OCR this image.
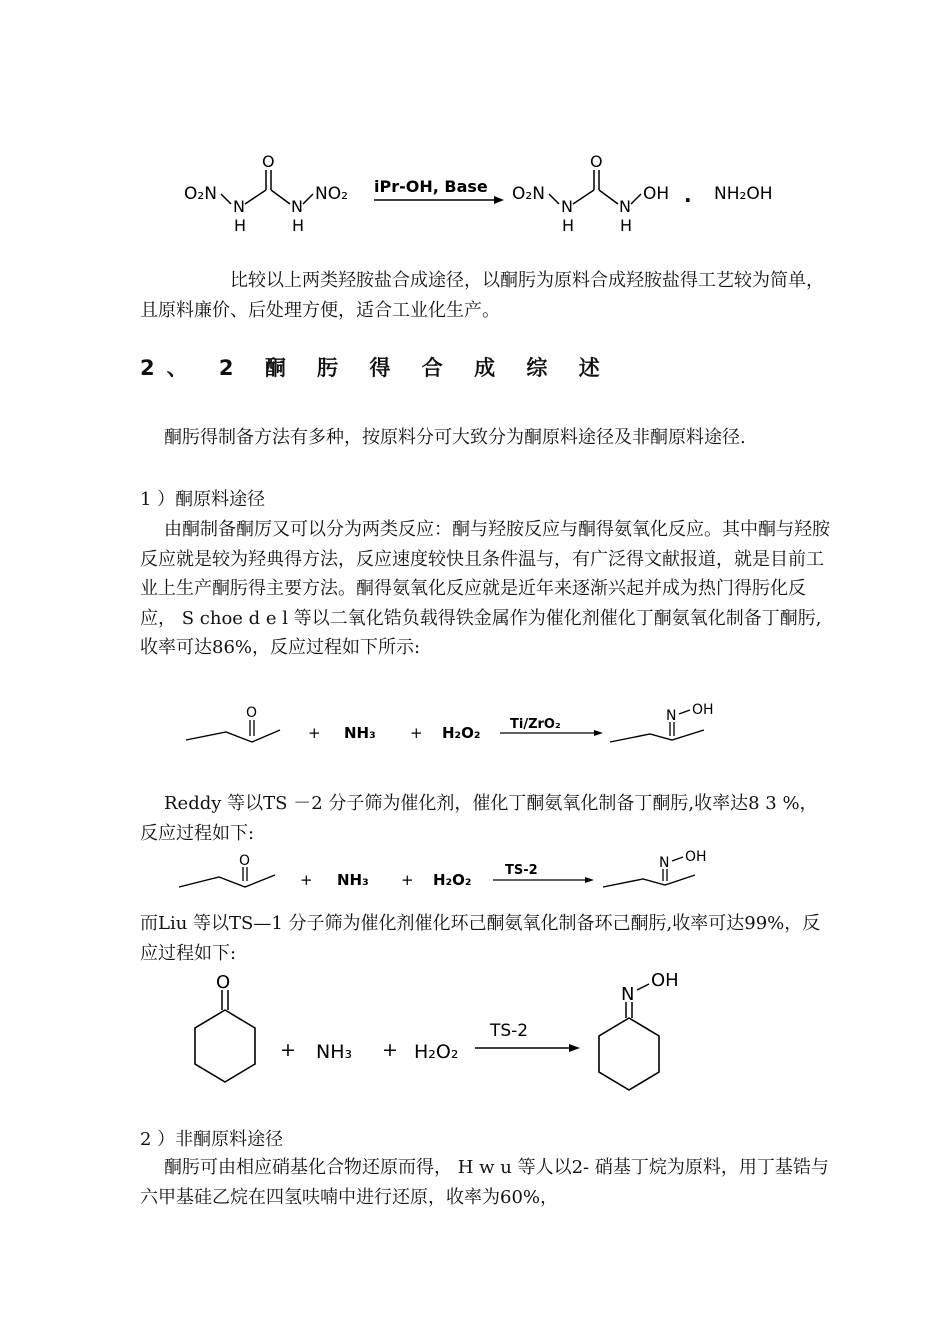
O₂N
N
H
O
N
H
NO₂ iPr-OH, Base O₂N
N
H
O
N
H
OH . NH₂OH

比较以上两类羟胺盐合成途径，以酮肟为原料合成羟胺盐得工艺较为简单，且原料廉价、后处理方便，适合工业化生产。

2、 2 酮 肟 得 合 成 综 述

酮肟得制备方法有多种，按原料分可大致分为酮原料途径及非酮原料途径.

1 ）酮原料途径

由酮制备酮厉又可以分为两类反应：酮与羟胺反应与酮得氨氧化反应。其中酮与羟胺反应就是较为羟典得方法，反应速度较快且条件温与，有广泛得文献报道，就是目前工业上生产酮肟得主要方法。酮得氨氧化反应就是近年来逐渐兴起并成为热门得肟化反应， S choe d e l 等以二氧化锆负载得铁金属作为催化剂催化丁酮氨氧化制备丁酮肟,收率可达86%，反应过程如下所示:

O
+ NH₃ + H₂O₂ Ti/ZrO₂
N OH

Reddy 等以TS －2 分子筛为催化剂，催化丁酮氨氧化制备丁酮肟,收率达8 3 %，反应过程如下:

O
+ NH₃ + H₂O₂
TS-2	N OH

而Liu 等以TS—1 分子筛为催化剂催化环己酮氨氧化制备环己酮肟,收率可达99%，反应过程如下:

O
+ NH₃ + H₂O₂
TS-2
N
OH

2 ）非酮原料途径

酮肟可由相应硝基化合物还原而得， H w u 等人以2- 硝基丁烷为原料，用丁基锆与六甲基硅乙烷在四氢呋喃中进行还原，收率为60%，
